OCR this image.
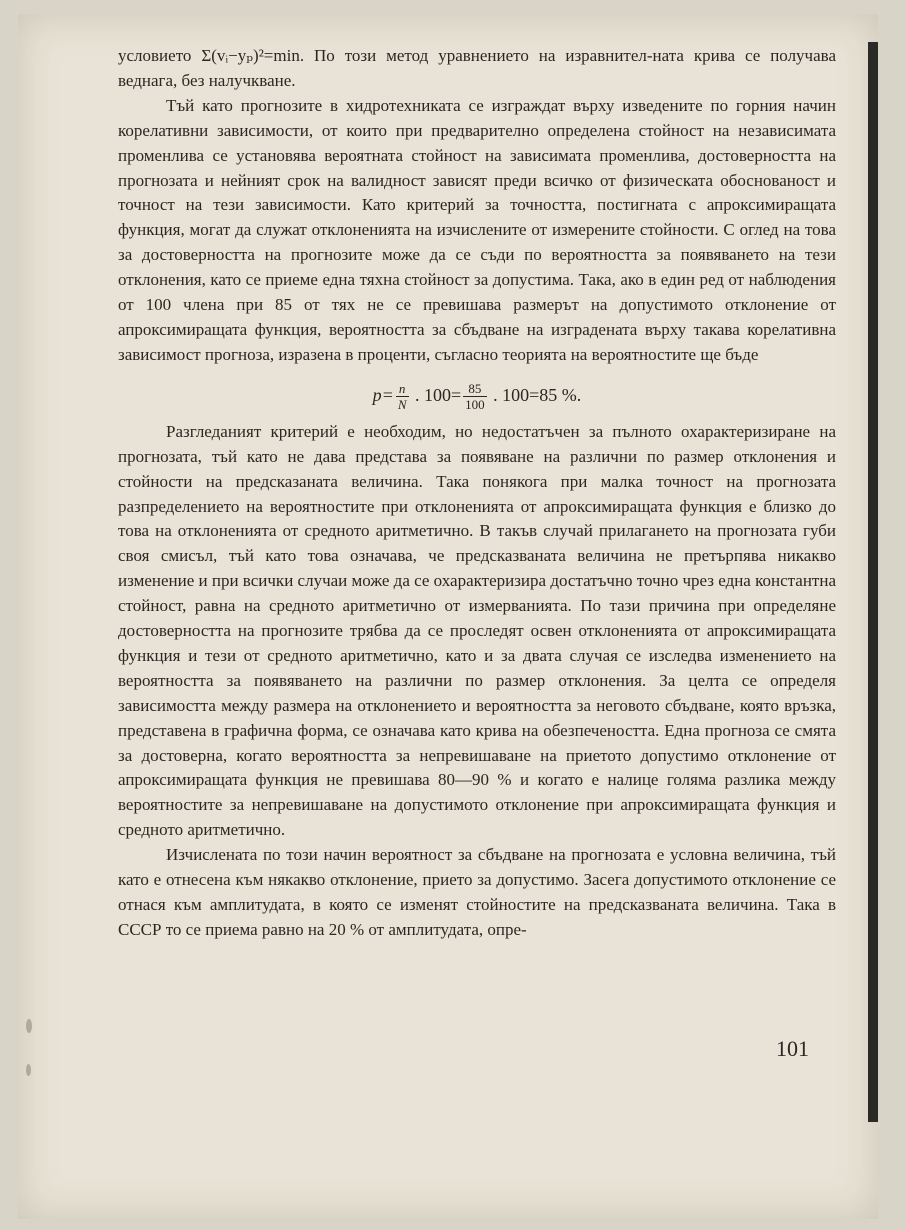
условието Σ(vᵢ−yₚ)²=min. По този метод уравнението на изравнител-ната крива се получава веднага, без налучкване.

Тъй като прогнозите в хидротехниката се изграждат върху изведените по горния начин корелативни зависимости, от които при предварително определена стойност на независимата променлива се установява вероятната стойност на зависимата променлива, достоверността на прогнозата и нейният срок на валидност зависят преди всичко от физическата обоснованост и точност на тези зависимости. Като критерий за точността, постигната с апроксимиращата функция, могат да служат отклоненията на изчислените от измерените стойности. С оглед на това за достоверността на прогнозите може да се съди по вероятността за появяването на тези отклонения, като се приеме една тяхна стойност за допустима. Така, ако в един ред от наблюдения от 100 члена при 85 от тях не се превишава размерът на допустимото отклонение от апроксимиращата функция, вероятността за сбъдване на изградената върху такава корелативна зависимост прогноза, изразена в проценти, съгласно теорията на вероятностите ще бъде

$p= \frac{n}{N}$ . $100= \frac{85}{100}$ . 100=85 %.

Разгледаният критерий е необходим, но недостатъчен за пълното охарактеризиране на прогнозата, тъй като не дава представа за появяване на различни по размер отклонения и стойности на предсказаната величина. Така понякога при малка точност на прогнозата разпределението на вероятностите при отклоненията от апроксимиращата функция е близко до това на отклоненията от средното аритметично. В такъв случай прилагането на прогнозата губи своя смисъл, тъй като това означава, че предсказваната величина не претърпява никакво изменение и при всички случаи може да се охарактеризира достатъчно точно чрез една константна стойност, равна на средното аритметично от измерванията. По тази причина при определяне достоверността на прогнозите трябва да се проследят освен отклоненията от апроксимиращата функция и тези от средното аритметично, като и за двата случая се изследва изменението на вероятността за появяването на различни по размер отклонения. За целта се определя зависимостта между размера на отклонението и вероятността за неговото сбъдване, която връзка, представена в графична форма, се означава като крива на обезпечеността. Една прогноза се смята за достоверна, когато вероятността за непревишаване на приетото допустимо отклонение от апроксимиращата функция не превишава 80—90 % и когато е налице голяма разлика между вероятностите за непревишаване на допустимото отклонение при апроксимиращата функция и средното аритметично.

Изчислената по този начин вероятност за сбъдване на прогнозата е условна величина, тъй като е отнесена към някакво отклонение, прието за допустимо. Засега допустимото отклонение се отнася към амплитудата, в която се изменят стойностите на предсказваната величина. Така в СССР то се приема равно на 20 % от амплитудата, опре-

101
